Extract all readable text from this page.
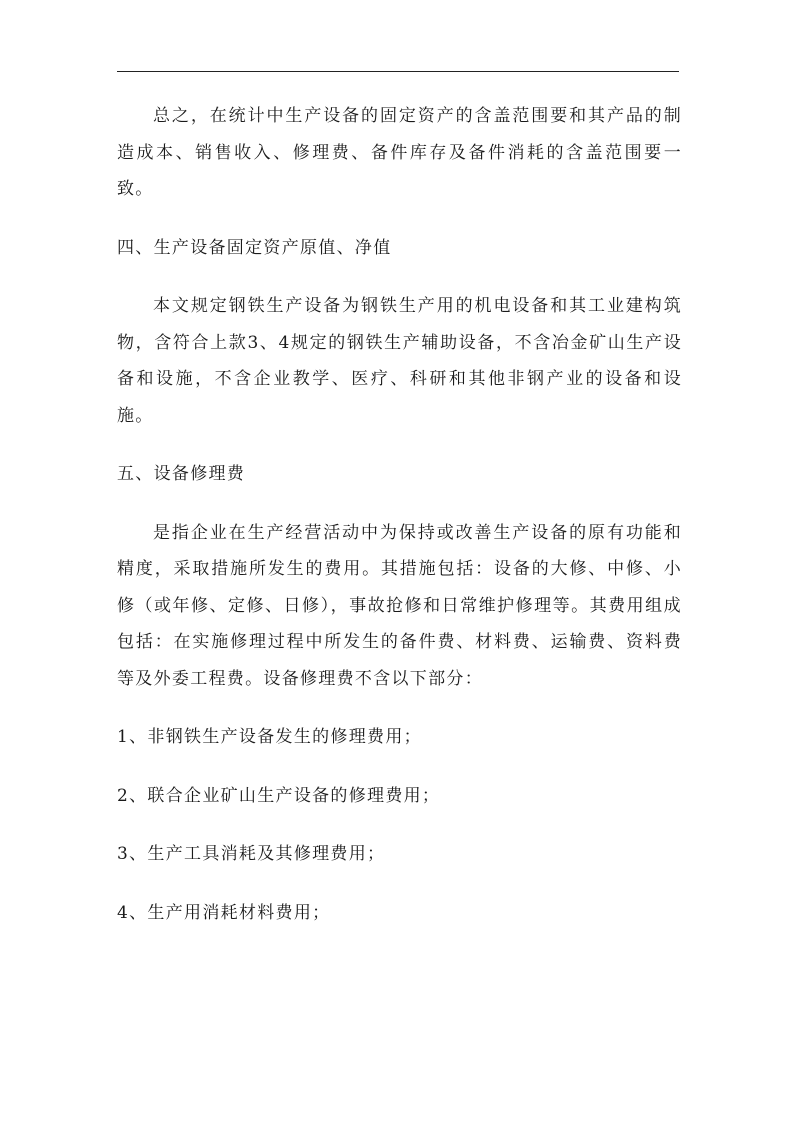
总之，在统计中生产设备的固定资产的含盖范围要和其产品的制造成本、销售收入、修理费、备件库存及备件消耗的含盖范围要一致。

四、生产设备固定资产原值、净值

本文规定钢铁生产设备为钢铁生产用的机电设备和其工业建构筑物，含符合上款3、4规定的钢铁生产辅助设备，不含冶金矿山生产设备和设施，不含企业教学、医疗、科研和其他非钢产业的设备和设施。

五、设备修理费

是指企业在生产经营活动中为保持或改善生产设备的原有功能和精度，采取措施所发生的费用。其措施包括：设备的大修、中修、小修（或年修、定修、日修），事故抢修和日常维护修理等。其费用组成包括：在实施修理过程中所发生的备件费、材料费、运输费、资料费等及外委工程费。设备修理费不含以下部分：

1、非钢铁生产设备发生的修理费用；

2、联合企业矿山生产设备的修理费用；

3、生产工具消耗及其修理费用；

4、生产用消耗材料费用；
